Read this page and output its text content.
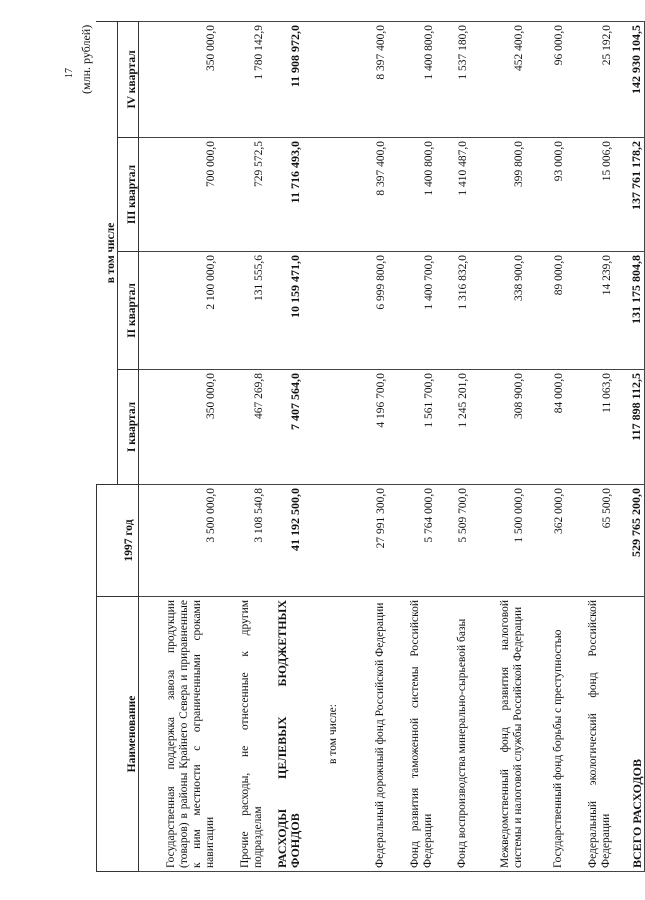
17 (млн. рублей)
Наименование	1997 год	в том числе			
		I квартал	II квартал	III квартал	IV квартал
Государственная поддержка завоза продукции (товаров) в районы Крайнего Севера и приравненные к ним местности с ограниченными сроками навигации	3 500 000,0	350 000,0	2 100 000,0	700 000,0	350 000,0
Прочие расходы, не отнесенные к другим подразделам	3 108 540,8	467 269,8	131 555,6	729 572,5	1 780 142,9
РАСХОДЫ ЦЕЛЕВЫХ БЮДЖЕТНЫХ ФОНДОВ	41 192 500,0	7 407 564,0	10 159 471,0	11 716 493,0	11 908 972,0
в том числе:					
Федеральный дорожный фонд Российской Федерации	27 991 300,0	4 196 700,0	6 999 800,0	8 397 400,0	8 397 400,0
Фонд развития таможенной системы Российской Федерации	5 764 000,0	1 561 700,0	1 400 700,0	1 400 800,0	1 400 800,0
Фонд воспроизводства минерально-сырьевой базы	5 509 700,0	1 245 201,0	1 316 832,0	1 410 487,0	1 537 180,0
Межведомственный фонд развития налоговой системы и налоговой службы Российской Федерации	1 500 000,0	308 900,0	338 900,0	399 800,0	452 400,0
Государственный фонд борьбы с преступностью	362 000,0	84 000,0	89 000,0	93 000,0	96 000,0
Федеральный экологический фонд Российской Федерации	65 500,0	11 063,0	14 239,0	15 006,0	25 192,0
ВСЕГО РАСХОДОВ	529 765 200,0	117 898 112,5	131 175 804,8	137 761 178,2	142 930 104,5
